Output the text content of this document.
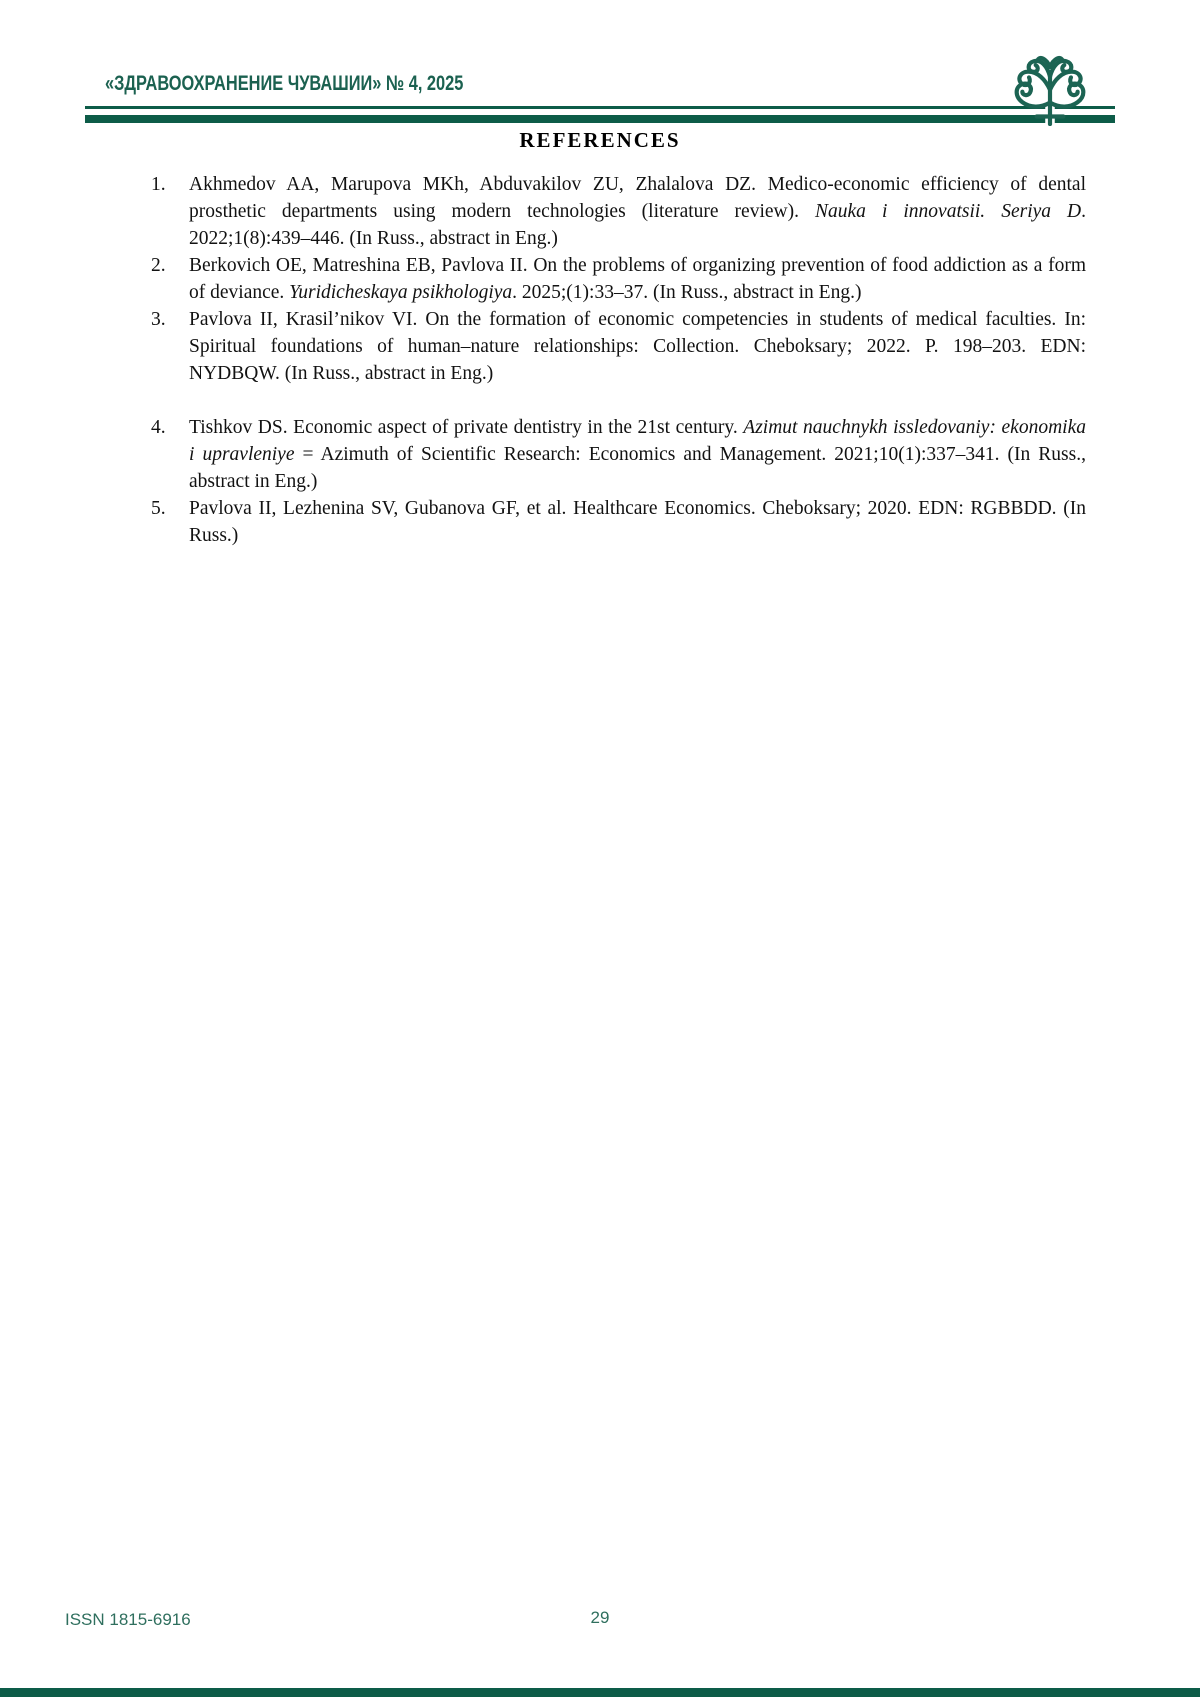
«ЗДРАВООХРАНЕНИЕ ЧУВАШИИ» № 4, 2025
REFERENCES
1. Akhmedov AA, Marupova MKh, Abduvakilov ZU, Zhalalova DZ. Medico-economic efficiency of dental prosthetic departments using modern technologies (literature review). Nauka i innovatsii. Seriya D. 2022;1(8):439–446. (In Russ., abstract in Eng.)
2. Berkovich OE, Matreshina EB, Pavlova II. On the problems of organizing prevention of food addiction as a form of deviance. Yuridicheskaya psikhologiya. 2025;(1):33–37. (In Russ., abstract in Eng.)
3. Pavlova II, Krasil’nikov VI. On the formation of economic competencies in students of medical faculties. In: Spiritual foundations of human–nature relationships: Collection. Cheboksary; 2022. P. 198–203. EDN: NYDBQW. (In Russ., abstract in Eng.)
4. Tishkov DS. Economic aspect of private dentistry in the 21st century. Azimut nauchnykh issledovaniy: ekonomika i upravleniye = Azimuth of Scientific Research: Economics and Management. 2021;10(1):337–341. (In Russ., abstract in Eng.)
5. Pavlova II, Lezhenina SV, Gubanova GF, et al. Healthcare Economics. Cheboksary; 2020. EDN: RGBBDD. (In Russ.)
ISSN 1815-6916	29
